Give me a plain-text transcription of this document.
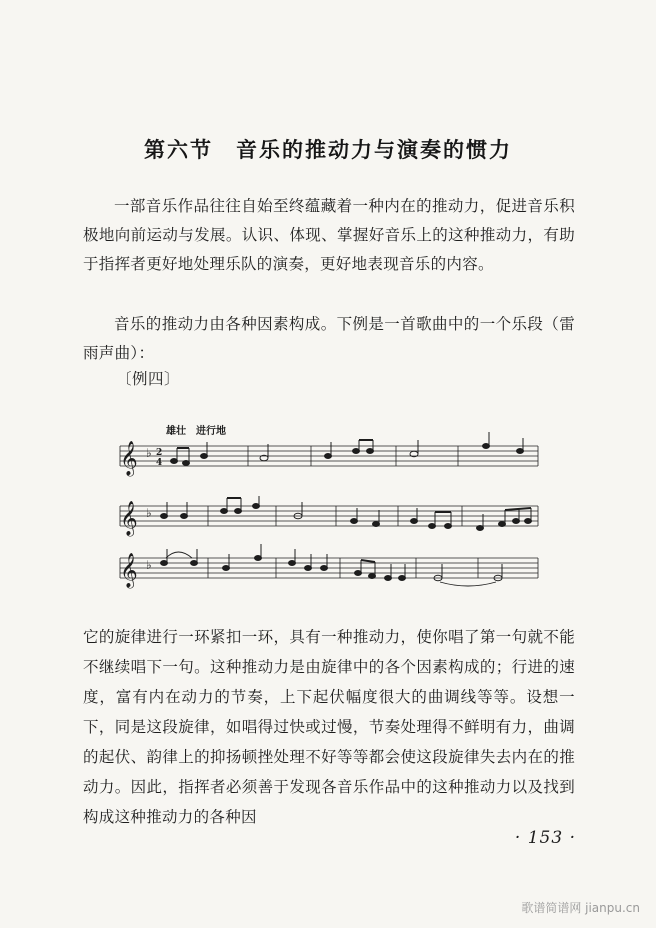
第六节　音乐的推动力与演奏的惯力
一部音乐作品往往自始至终蕴藏着一种内在的推动力，促进音乐积极地向前运动与发展。认识、体现、掌握好音乐上的这种推动力，有助于指挥者更好地处理乐队的演奏，更好地表现音乐的内容。
音乐的推动力由各种因素构成。下例是一首歌曲中的一个乐段（雷雨声曲）：
〔例四〕
雄壮　进行地
𝄞 ♭ 2
4
𝄞 ♭
𝄞 ♭
它的旋律进行一环紧扣一环，具有一种推动力，使你唱了第一句就不能不继续唱下一句。这种推动力是由旋律中的各个因素构成的；行进的速度，富有内在动力的节奏，上下起伏幅度很大的曲调线等等。设想一下，同是这段旋律，如唱得过快或过慢，节奏处理得不鲜明有力，曲调的起伏、韵律上的抑扬顿挫处理不好等等都会使这段旋律失去内在的推动力。因此，指挥者必须善于发现各音乐作品中的这种推动力以及找到构成这种推动力的各种因
· 153 ·
歌谱简谱网 jianpu.cn
